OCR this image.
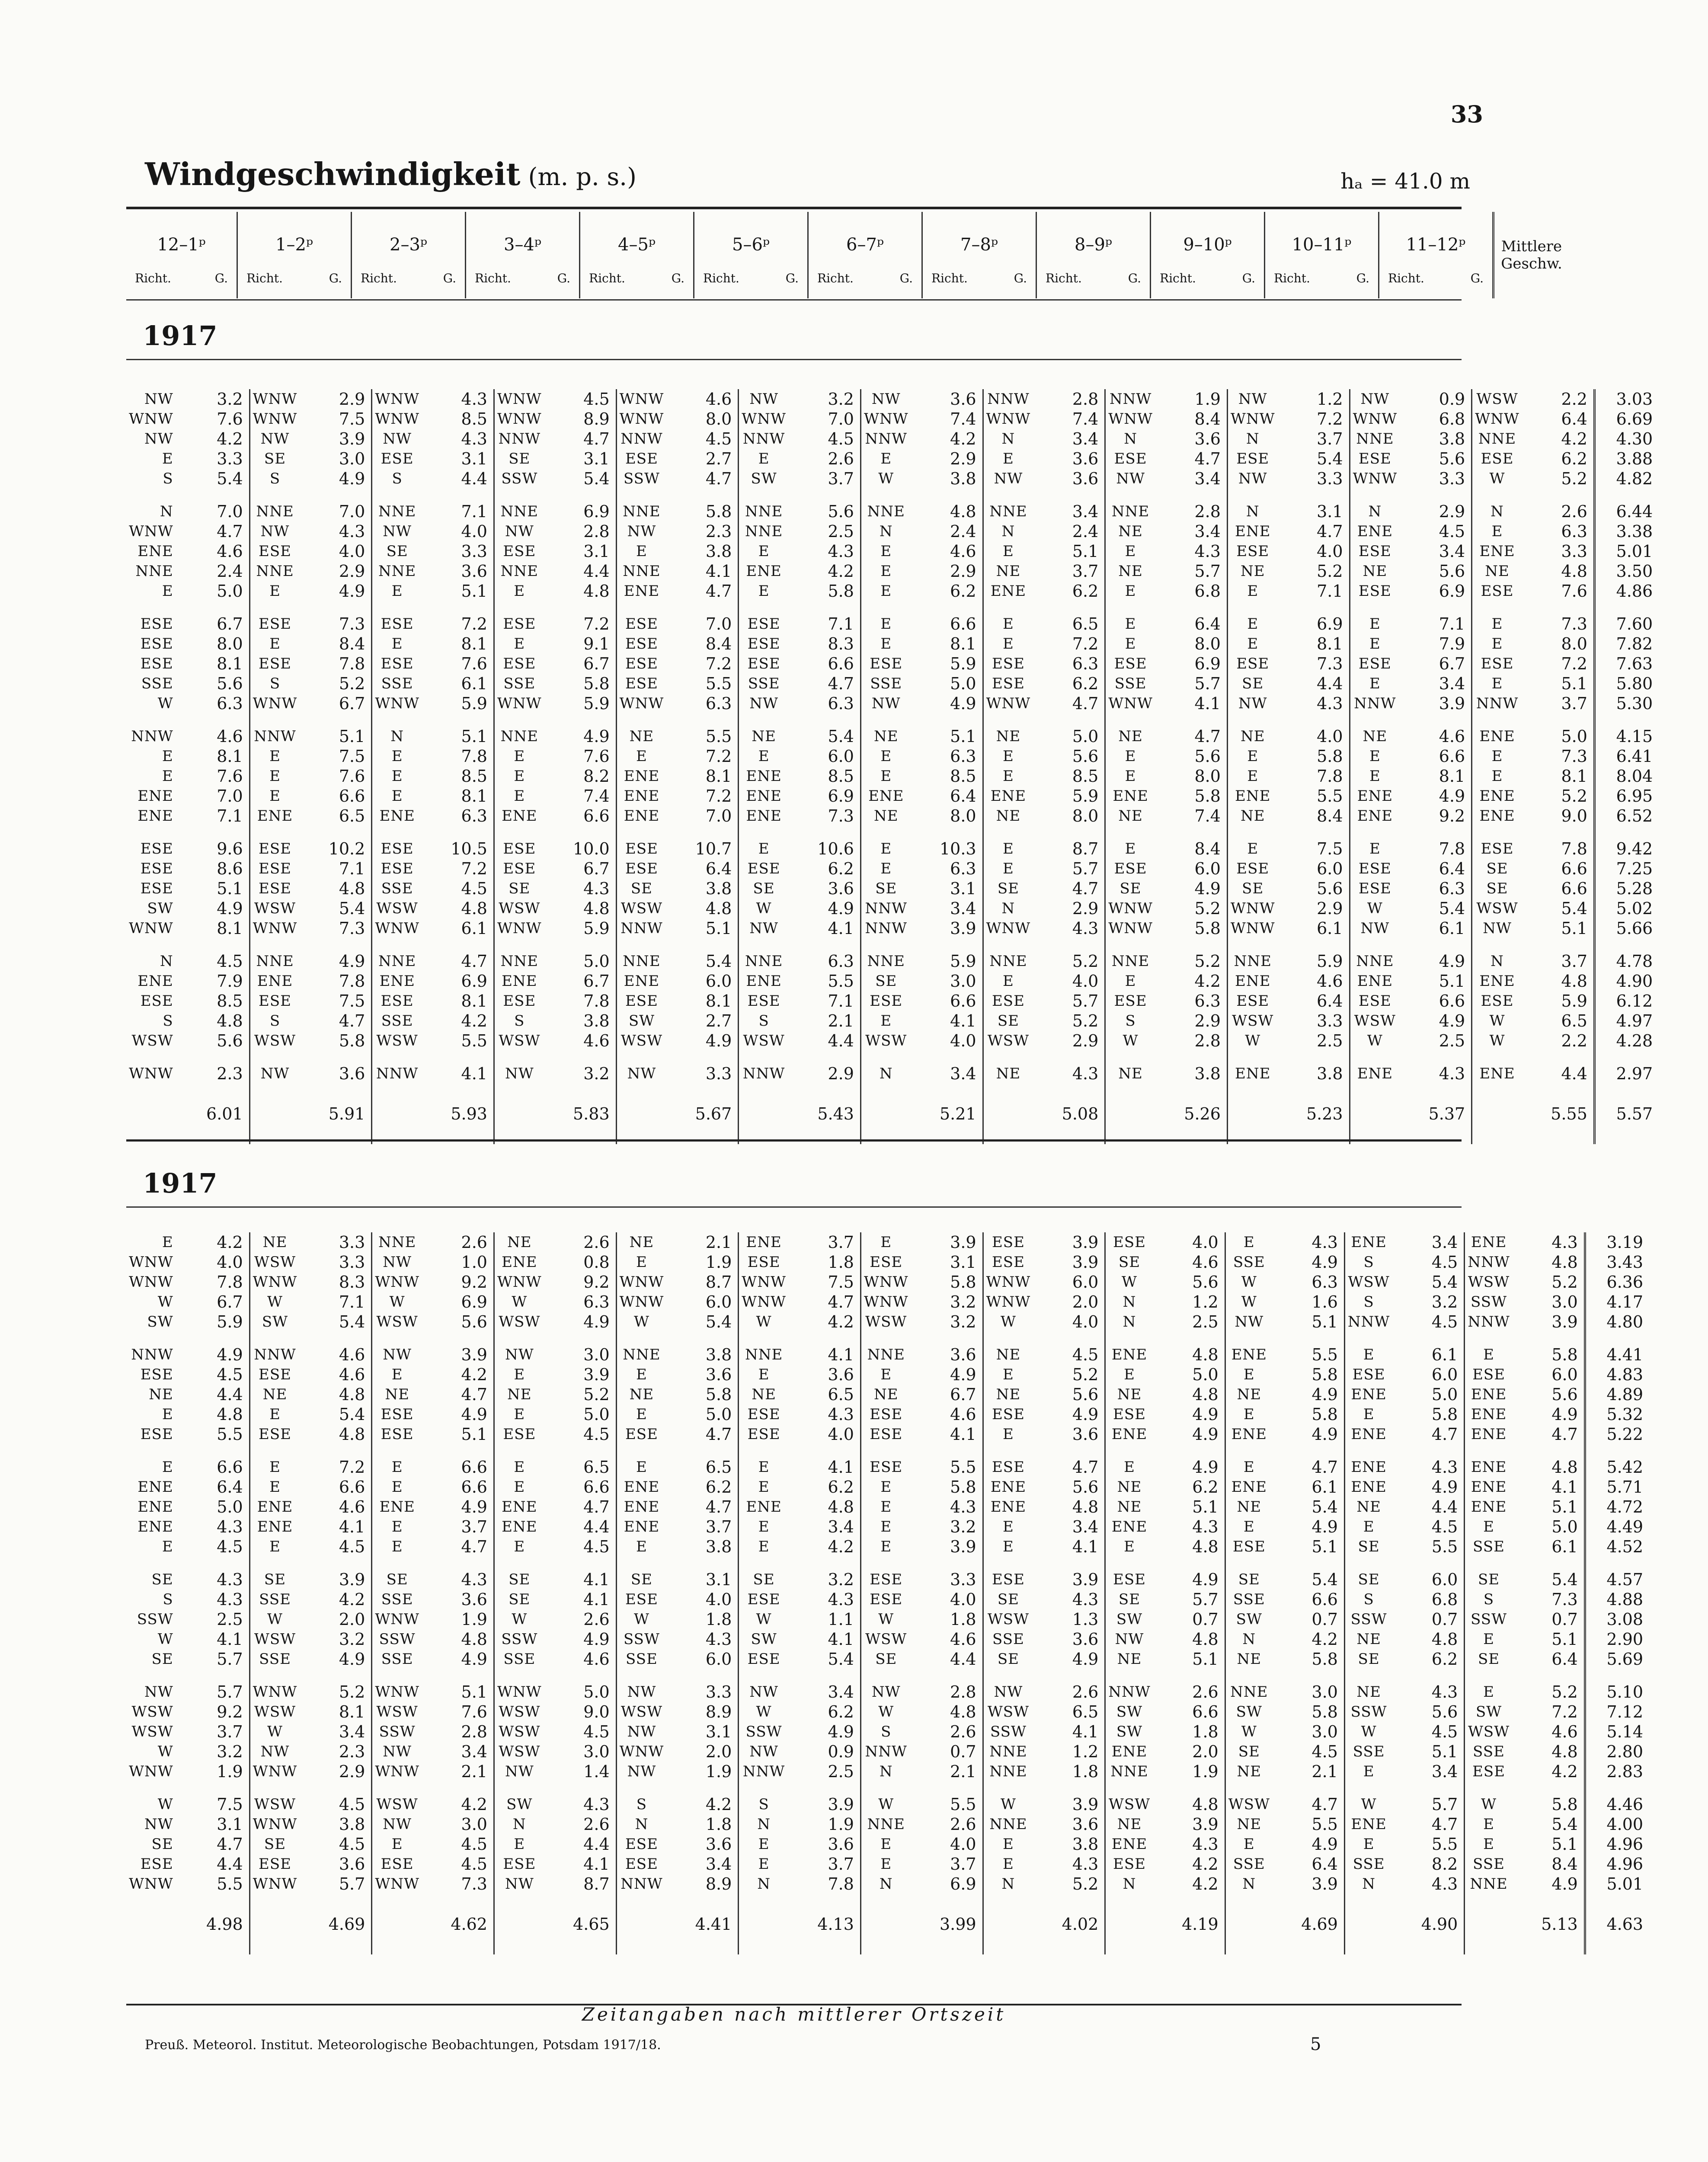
33
Windgeschwindigkeit (m. p. s.)	hₐ = 41.0 m
12–1ᵖ
Richt.	G.

1–2ᵖ
Richt.	G.

2–3ᵖ
Richt.	G.

3–4ᵖ
Richt.	G.

4–5ᵖ
Richt.	G.

5–6ᵖ
Richt.	G.

6–7ᵖ
Richt.	G.

7–8ᵖ
Richt.	G.

8–9ᵖ
Richt.	G.

9–10ᵖ
Richt.	G.

10–11ᵖ
Richt.	G.

11–12ᵖ
Richt.	G.
	Mittlere Geschw.
1917
NW	3.2	WNW	2.9	WNW	4.3	WNW	4.5	WNW	4.6	NW	3.2	NW	3.6	NNW	2.8	NNW	1.9	NW	1.2	NW	0.9	WSW	2.2	3.03
WNW	7.6	WNW	7.5	WNW	8.5	WNW	8.9	WNW	8.0	WNW	7.0	WNW	7.4	WNW	7.4	WNW	8.4	WNW	7.2	WNW	6.8	WNW	6.4	6.69
NW	4.2	NW	3.9	NW	4.3	NNW	4.7	NNW	4.5	NNW	4.5	NNW	4.2	N	3.4	N	3.6	N	3.7	NNE	3.8	NNE	4.2	4.30
E	3.3	SE	3.0	ESE	3.1	SE	3.1	ESE	2.7	E	2.6	E	2.9	E	3.6	ESE	4.7	ESE	5.4	ESE	5.6	ESE	6.2	3.88
S	5.4	S	4.9	S	4.4	SSW	5.4	SSW	4.7	SW	3.7	W	3.8	NW	3.6	NW	3.4	NW	3.3	WNW	3.3	W	5.2	4.82

N	7.0	NNE	7.0	NNE	7.1	NNE	6.9	NNE	5.8	NNE	5.6	NNE	4.8	NNE	3.4	NNE	2.8	N	3.1	N	2.9	N	2.6	6.44
WNW	4.7	NW	4.3	NW	4.0	NW	2.8	NW	2.3	NNE	2.5	N	2.4	N	2.4	NE	3.4	ENE	4.7	ENE	4.5	E	6.3	3.38
ENE	4.6	ESE	4.0	SE	3.3	ESE	3.1	E	3.8	E	4.3	E	4.6	E	5.1	E	4.3	ESE	4.0	ESE	3.4	ENE	3.3	5.01
NNE	2.4	NNE	2.9	NNE	3.6	NNE	4.4	NNE	4.1	ENE	4.2	E	2.9	NE	3.7	NE	5.7	NE	5.2	NE	5.6	NE	4.8	3.50
E	5.0	E	4.9	E	5.1	E	4.8	ENE	4.7	E	5.8	E	6.2	ENE	6.2	E	6.8	E	7.1	ESE	6.9	ESE	7.6	4.86

ESE	6.7	ESE	7.3	ESE	7.2	ESE	7.2	ESE	7.0	ESE	7.1	E	6.6	E	6.5	E	6.4	E	6.9	E	7.1	E	7.3	7.60
ESE	8.0	E	8.4	E	8.1	E	9.1	ESE	8.4	ESE	8.3	E	8.1	E	7.2	E	8.0	E	8.1	E	7.9	E	8.0	7.82
ESE	8.1	ESE	7.8	ESE	7.6	ESE	6.7	ESE	7.2	ESE	6.6	ESE	5.9	ESE	6.3	ESE	6.9	ESE	7.3	ESE	6.7	ESE	7.2	7.63
SSE	5.6	S	5.2	SSE	6.1	SSE	5.8	ESE	5.5	SSE	4.7	SSE	5.0	ESE	6.2	SSE	5.7	SE	4.4	E	3.4	E	5.1	5.80
W	6.3	WNW	6.7	WNW	5.9	WNW	5.9	WNW	6.3	NW	6.3	NW	4.9	WNW	4.7	WNW	4.1	NW	4.3	NNW	3.9	NNW	3.7	5.30

NNW	4.6	NNW	5.1	N	5.1	NNE	4.9	NE	5.5	NE	5.4	NE	5.1	NE	5.0	NE	4.7	NE	4.0	NE	4.6	ENE	5.0	4.15
E	8.1	E	7.5	E	7.8	E	7.6	E	7.2	E	6.0	E	6.3	E	5.6	E	5.6	E	5.8	E	6.6	E	7.3	6.41
E	7.6	E	7.6	E	8.5	E	8.2	ENE	8.1	ENE	8.5	E	8.5	E	8.5	E	8.0	E	7.8	E	8.1	E	8.1	8.04
ENE	7.0	E	6.6	E	8.1	E	7.4	ENE	7.2	ENE	6.9	ENE	6.4	ENE	5.9	ENE	5.8	ENE	5.5	ENE	4.9	ENE	5.2	6.95
ENE	7.1	ENE	6.5	ENE	6.3	ENE	6.6	ENE	7.0	ENE	7.3	NE	8.0	NE	8.0	NE	7.4	NE	8.4	ENE	9.2	ENE	9.0	6.52

ESE	9.6	ESE	10.2	ESE	10.5	ESE	10.0	ESE	10.7	E	10.6	E	10.3	E	8.7	E	8.4	E	7.5	E	7.8	ESE	7.8	9.42
ESE	8.6	ESE	7.1	ESE	7.2	ESE	6.7	ESE	6.4	ESE	6.2	E	6.3	E	5.7	ESE	6.0	ESE	6.0	ESE	6.4	SE	6.6	7.25
ESE	5.1	ESE	4.8	SSE	4.5	SE	4.3	SE	3.8	SE	3.6	SE	3.1	SE	4.7	SE	4.9	SE	5.6	ESE	6.3	SE	6.6	5.28
SW	4.9	WSW	5.4	WSW	4.8	WSW	4.8	WSW	4.8	W	4.9	NNW	3.4	N	2.9	WNW	5.2	WNW	2.9	W	5.4	WSW	5.4	5.02
WNW	8.1	WNW	7.3	WNW	6.1	WNW	5.9	NNW	5.1	NW	4.1	NNW	3.9	WNW	4.3	WNW	5.8	WNW	6.1	NW	6.1	NW	5.1	5.66

N	4.5	NNE	4.9	NNE	4.7	NNE	5.0	NNE	5.4	NNE	6.3	NNE	5.9	NNE	5.2	NNE	5.2	NNE	5.9	NNE	4.9	N	3.7	4.78
ENE	7.9	ENE	7.8	ENE	6.9	ENE	6.7	ENE	6.0	ENE	5.5	SE	3.0	E	4.0	E	4.2	ENE	4.6	ENE	5.1	ENE	4.8	4.90
ESE	8.5	ESE	7.5	ESE	8.1	ESE	7.8	ESE	8.1	ESE	7.1	ESE	6.6	ESE	5.7	ESE	6.3	ESE	6.4	ESE	6.6	ESE	5.9	6.12
S	4.8	S	4.7	SSE	4.2	S	3.8	SW	2.7	S	2.1	E	4.1	SE	5.2	S	2.9	WSW	3.3	WSW	4.9	W	6.5	4.97
WSW	5.6	WSW	5.8	WSW	5.5	WSW	4.6	WSW	4.9	WSW	4.4	WSW	4.0	WSW	2.9	W	2.8	W	2.5	W	2.5	W	2.2	4.28

WNW	2.3	NW	3.6	NNW	4.1	NW	3.2	NW	3.3	NNW	2.9	N	3.4	NE	4.3	NE	3.8	ENE	3.8	ENE	4.3	ENE	4.4	2.97
	6.01		5.91		5.93		5.83		5.67		5.43		5.21		5.08		5.26		5.23		5.37		5.55	5.57
1917
E	4.2	NE	3.3	NNE	2.6	NE	2.6	NE	2.1	ENE	3.7	E	3.9	ESE	3.9	ESE	4.0	E	4.3	ENE	3.4	ENE	4.3	3.19
WNW	4.0	WSW	3.3	NW	1.0	ENE	0.8	E	1.9	ESE	1.8	ESE	3.1	ESE	3.9	SE	4.6	SSE	4.9	S	4.5	NNW	4.8	3.43
WNW	7.8	WNW	8.3	WNW	9.2	WNW	9.2	WNW	8.7	WNW	7.5	WNW	5.8	WNW	6.0	W	5.6	W	6.3	WSW	5.4	WSW	5.2	6.36
W	6.7	W	7.1	W	6.9	W	6.3	WNW	6.0	WNW	4.7	WNW	3.2	WNW	2.0	N	1.2	W	1.6	S	3.2	SSW	3.0	4.17
SW	5.9	SW	5.4	WSW	5.6	WSW	4.9	W	5.4	W	4.2	WSW	3.2	W	4.0	N	2.5	NW	5.1	NNW	4.5	NNW	3.9	4.80

NNW	4.9	NNW	4.6	NW	3.9	NW	3.0	NNE	3.8	NNE	4.1	NNE	3.6	NE	4.5	ENE	4.8	ENE	5.5	E	6.1	E	5.8	4.41
ESE	4.5	ESE	4.6	E	4.2	E	3.9	E	3.6	E	3.6	E	4.9	E	5.2	E	5.0	E	5.8	ESE	6.0	ESE	6.0	4.83
NE	4.4	NE	4.8	NE	4.7	NE	5.2	NE	5.8	NE	6.5	NE	6.7	NE	5.6	NE	4.8	NE	4.9	ENE	5.0	ENE	5.6	4.89
E	4.8	E	5.4	ESE	4.9	E	5.0	E	5.0	ESE	4.3	ESE	4.6	ESE	4.9	ESE	4.9	E	5.8	E	5.8	ENE	4.9	5.32
ESE	5.5	ESE	4.8	ESE	5.1	ESE	4.5	ESE	4.7	ESE	4.0	ESE	4.1	E	3.6	ENE	4.9	ENE	4.9	ENE	4.7	ENE	4.7	5.22

E	6.6	E	7.2	E	6.6	E	6.5	E	6.5	E	4.1	ESE	5.5	ESE	4.7	E	4.9	E	4.7	ENE	4.3	ENE	4.8	5.42
ENE	6.4	E	6.6	E	6.6	E	6.6	ENE	6.2	E	6.2	E	5.8	ENE	5.6	NE	6.2	ENE	6.1	ENE	4.9	ENE	4.1	5.71
ENE	5.0	ENE	4.6	ENE	4.9	ENE	4.7	ENE	4.7	ENE	4.8	E	4.3	ENE	4.8	NE	5.1	NE	5.4	NE	4.4	ENE	5.1	4.72
ENE	4.3	ENE	4.1	E	3.7	ENE	4.4	ENE	3.7	E	3.4	E	3.2	E	3.4	ENE	4.3	E	4.9	E	4.5	E	5.0	4.49
E	4.5	E	4.5	E	4.7	E	4.5	E	3.8	E	4.2	E	3.9	E	4.1	E	4.8	ESE	5.1	SE	5.5	SSE	6.1	4.52

SE	4.3	SE	3.9	SE	4.3	SE	4.1	SE	3.1	SE	3.2	ESE	3.3	ESE	3.9	ESE	4.9	SE	5.4	SE	6.0	SE	5.4	4.57
S	4.3	SSE	4.2	SSE	3.6	SE	4.1	ESE	4.0	ESE	4.3	ESE	4.0	SE	4.3	SE	5.7	SSE	6.6	S	6.8	S	7.3	4.88
SSW	2.5	W	2.0	WNW	1.9	W	2.6	W	1.8	W	1.1	W	1.8	WSW	1.3	SW	0.7	SW	0.7	SSW	0.7	SSW	0.7	3.08
W	4.1	WSW	3.2	SSW	4.8	SSW	4.9	SSW	4.3	SW	4.1	WSW	4.6	SSE	3.6	NW	4.8	N	4.2	NE	4.8	E	5.1	2.90
SE	5.7	SSE	4.9	SSE	4.9	SSE	4.6	SSE	6.0	ESE	5.4	SE	4.4	SE	4.9	NE	5.1	NE	5.8	SE	6.2	SE	6.4	5.69

NW	5.7	WNW	5.2	WNW	5.1	WNW	5.0	NW	3.3	NW	3.4	NW	2.8	NW	2.6	NNW	2.6	NNE	3.0	NE	4.3	E	5.2	5.10
WSW	9.2	WSW	8.1	WSW	7.6	WSW	9.0	WSW	8.9	W	6.2	W	4.8	WSW	6.5	SW	6.6	SW	5.8	SSW	5.6	SW	7.2	7.12
WSW	3.7	W	3.4	SSW	2.8	WSW	4.5	NW	3.1	SSW	4.9	S	2.6	SSW	4.1	SW	1.8	W	3.0	W	4.5	WSW	4.6	5.14
W	3.2	NW	2.3	NW	3.4	WSW	3.0	WNW	2.0	NW	0.9	NNW	0.7	NNE	1.2	ENE	2.0	SE	4.5	SSE	5.1	SSE	4.8	2.80
WNW	1.9	WNW	2.9	WNW	2.1	NW	1.4	NW	1.9	NNW	2.5	N	2.1	NNE	1.8	NNE	1.9	NE	2.1	E	3.4	ESE	4.2	2.83

W	7.5	WSW	4.5	WSW	4.2	SW	4.3	S	4.2	S	3.9	W	5.5	W	3.9	WSW	4.8	WSW	4.7	W	5.7	W	5.8	4.46
NW	3.1	WNW	3.8	NW	3.0	N	2.6	N	1.8	N	1.9	NNE	2.6	NNE	3.6	NE	3.9	NE	5.5	ENE	4.7	E	5.4	4.00
SE	4.7	SE	4.5	E	4.5	E	4.4	ESE	3.6	E	3.6	E	4.0	E	3.8	ENE	4.3	E	4.9	E	5.5	E	5.1	4.96
ESE	4.4	ESE	3.6	ESE	4.5	ESE	4.1	ESE	3.4	E	3.7	E	3.7	E	4.3	ESE	4.2	SSE	6.4	SSE	8.2	SSE	8.4	4.96
WNW	5.5	WNW	5.7	WNW	7.3	NW	8.7	NNW	8.9	N	7.8	N	6.9	N	5.2	N	4.2	N	3.9	N	4.3	NNE	4.9	5.01
	4.98		4.69		4.62		4.65		4.41		4.13		3.99		4.02		4.19		4.69		4.90		5.13	4.63
Zeitangaben nach mittlerer Ortszeit
Preuß. Meteorol. Institut. Meteorologische Beobachtungen, Potsdam 1917/18.	5
